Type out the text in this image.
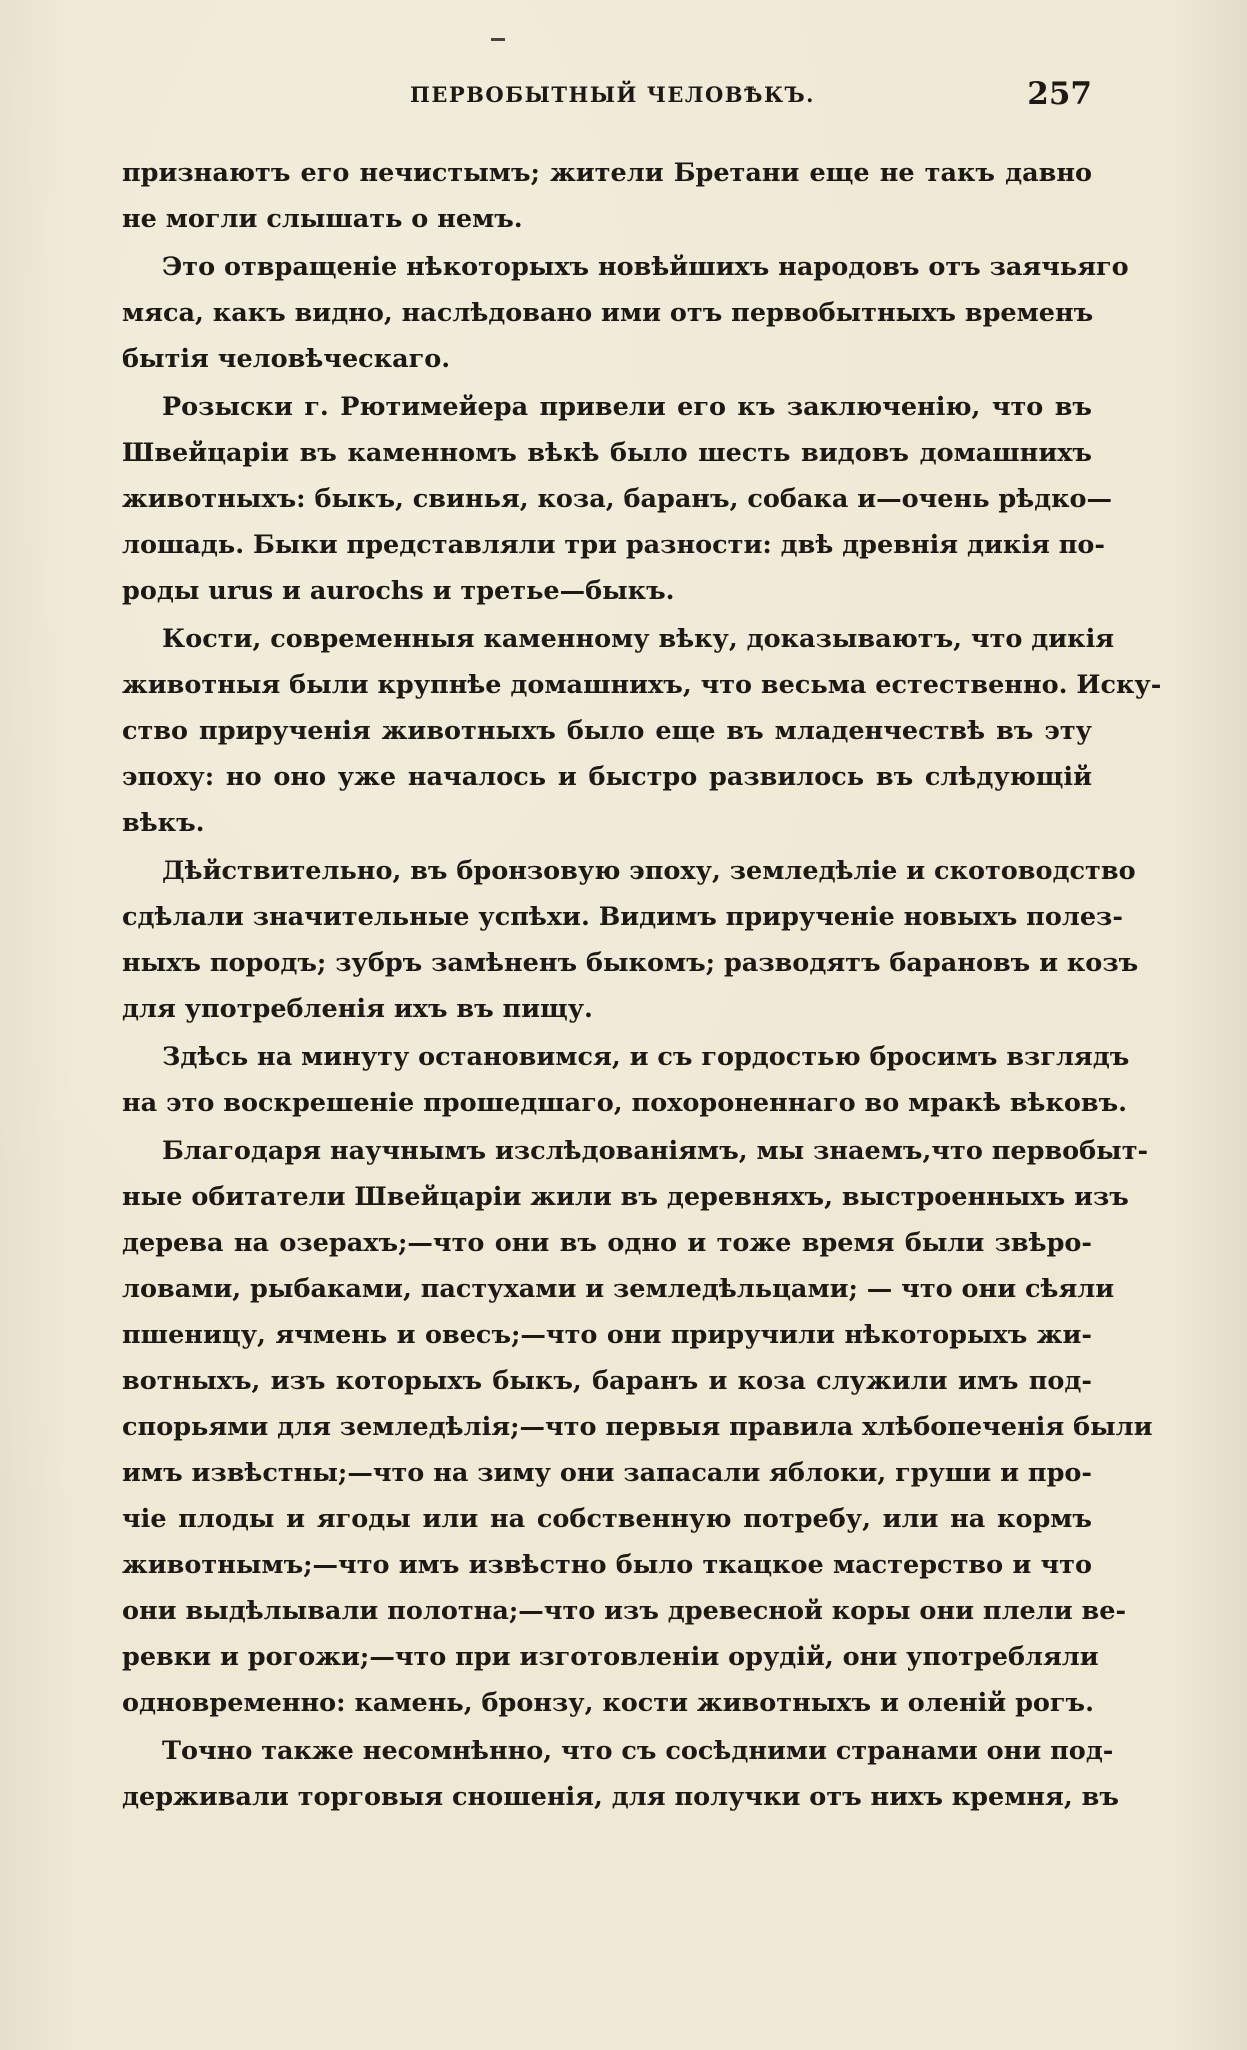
ПЕРВОБЫТНЫЙ ЧЕЛОВѢКЪ.	257
признаютъ его нечистымъ; жители Бретани еще не такъ давно
не могли слышать о немъ.
Это отвращеніе нѣкоторыхъ новѣйшихъ народовъ отъ заячьяго
мяса, какъ видно, наслѣдовано ими отъ первобытныхъ временъ
бытія человѣческаго.
Розыски г. Рютимейера привели его къ заключенію, что въ
Швейцаріи въ каменномъ вѣкѣ было шесть видовъ домашнихъ
животныхъ: быкъ, свинья, коза, баранъ, собака и—очень рѣдко—
лошадь. Быки представляли три разности: двѣ древнія дикія по-
роды urus и aurochs и третье—быкъ.
Кости, современныя каменному вѣку, доказываютъ, что дикія
животныя были крупнѣе домашнихъ, что весьма естественно. Иску-
ство прирученія животныхъ было еще въ младенчествѣ въ эту
эпоху: но оно уже началось и быстро развилось въ слѣдующій
вѣкъ.
Дѣйствительно, въ бронзовую эпоху, земледѣліе и скотоводство
сдѣлали значительные успѣхи. Видимъ прирученіе новыхъ полез-
ныхъ породъ; зубръ замѣненъ быкомъ; разводятъ барановъ и козъ
для употребленія ихъ въ пищу.
Здѣсь на минуту остановимся, и съ гордостью бросимъ взглядъ
на это воскрешеніе прошедшаго, похороненнаго во мракѣ вѣковъ.
Благодаря научнымъ изслѣдованіямъ, мы знаемъ,что первобыт-
ные обитатели Швейцаріи жили въ деревняхъ, выстроенныхъ изъ
дерева на озерахъ;—что они въ одно и тоже время были звѣро-
ловами, рыбаками, пастухами и земледѣльцами; — что они сѣяли
пшеницу, ячмень и овесъ;—что они приручили нѣкоторыхъ жи-
вотныхъ, изъ которыхъ быкъ, баранъ и коза служили имъ под-
спорьями для земледѣлія;—что первыя правила хлѣбопеченія были
имъ извѣстны;—что на зиму они запасали яблоки, груши и про-
чіе плоды и ягоды или на собственную потребу, или на кормъ
животнымъ;—что имъ извѣстно было ткацкое мастерство и что
они выдѣлывали полотна;—что изъ древесной коры они плели ве-
ревки и рогожи;—что при изготовленіи орудій, они употребляли
одновременно: камень, бронзу, кости животныхъ и оленій рогъ.
Точно также несомнѣнно, что съ сосѣдними странами они под-
держивали торговыя сношенія, для получки отъ нихъ кремня, въ
